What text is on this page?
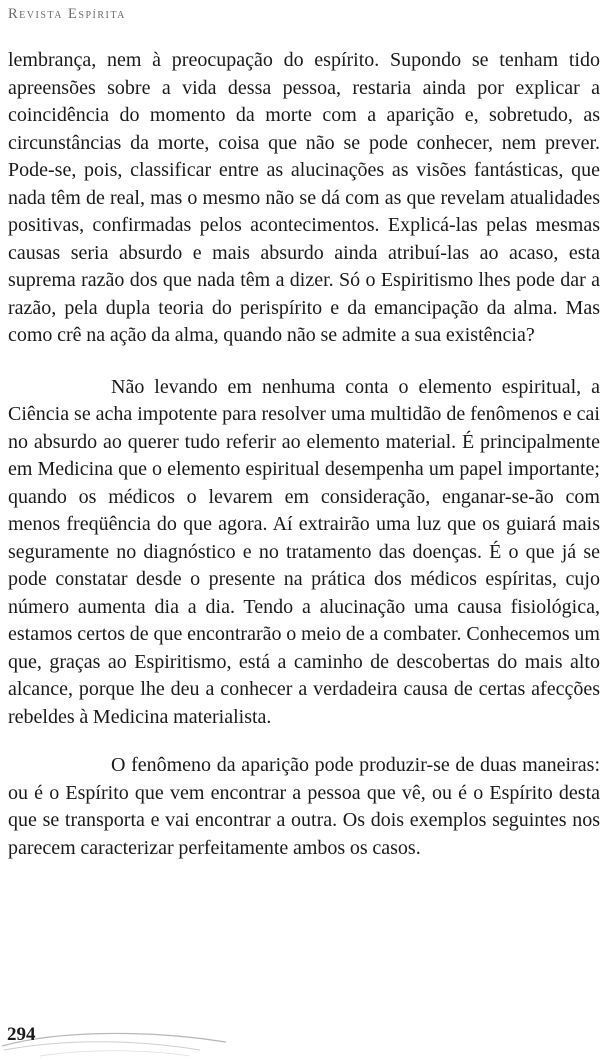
Revista Espírita

lembrança, nem à preocupação do espírito. Supondo se tenham tido apreensões sobre a vida dessa pessoa, restaria ainda por explicar a coincidência do momento da morte com a aparição e, sobretudo, as circunstâncias da morte, coisa que não se pode conhecer, nem prever. Pode-se, pois, classificar entre as alucinações as visões fantásticas, que nada têm de real, mas o mesmo não se dá com as que revelam atualidades positivas, confirmadas pelos acontecimentos. Explicá-las pelas mesmas causas seria absurdo e mais absurdo ainda atribuí-las ao acaso, esta suprema razão dos que nada têm a dizer. Só o Espiritismo lhes pode dar a razão, pela dupla teoria do perispírito e da emancipação da alma. Mas como crê na ação da alma, quando não se admite a sua existência?

Não levando em nenhuma conta o elemento espiritual, a Ciência se acha impotente para resolver uma multidão de fenômenos e cai no absurdo ao querer tudo referir ao elemento material. É principalmente em Medicina que o elemento espiritual desempenha um papel importante; quando os médicos o levarem em consideração, enganar-se-ão com menos freqüência do que agora. Aí extrairão uma luz que os guiará mais seguramente no diagnóstico e no tratamento das doenças. É o que já se pode constatar desde o presente na prática dos médicos espíritas, cujo número aumenta dia a dia. Tendo a alucinação uma causa fisiológica, estamos certos de que encontrarão o meio de a combater. Conhecemos um que, graças ao Espiritismo, está a caminho de descobertas do mais alto alcance, porque lhe deu a conhecer a verdadeira causa de certas afecções rebeldes à Medicina materialista.

O fenômeno da aparição pode produzir-se de duas maneiras: ou é o Espírito que vem encontrar a pessoa que vê, ou é o Espírito desta que se transporta e vai encontrar a outra. Os dois exemplos seguintes nos parecem caracterizar perfeitamente ambos os casos.

294
